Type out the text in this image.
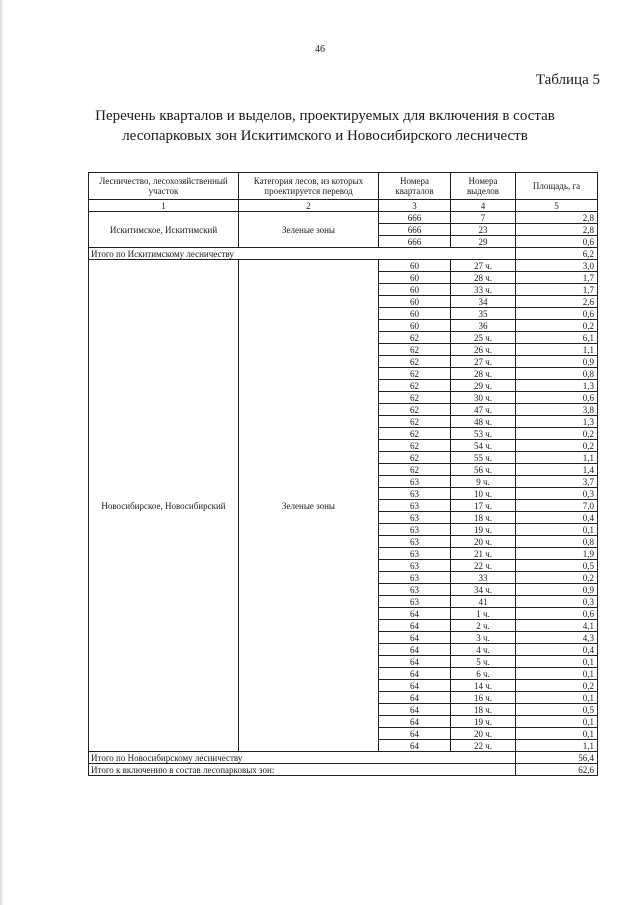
46
Таблица 5
Перечень кварталов и выделов, проектируемых для включения в состав
лесопарковых зон Искитимского и Новосибирского лесничеств
Лесничество, лесохозяйственный участок	Категория лесов, из которых проектируется перевод	Номера кварталов	Номера выделов	Площадь, га
1	2	3	4	5
Искитимское, Искитимский	Зеленые зоны	666	7	2,8
		666	23	2,8
		666	29	0,6
Итого по Искитимскому лесничеству				6,2
Новосибирское, Новосибирский	Зеленые зоны	60	27 ч.	3,0
		60	28 ч.	1,7
		60	33 ч.	1,7
		60	34	2,6
		60	35	0,6
		60	36	0,2
		62	25 ч.	6,1
		62	26 ч.	1,1
		62	27 ч.	0,9
		62	28 ч.	0,8
		62	29 ч.	1,3
		62	30 ч.	0,6
		62	47 ч.	3,8
		62	48 ч.	1,3
		62	53 ч.	0,2
		62	54 ч.	0,2
		62	55 ч.	1,1
		62	56 ч.	1,4
		63	9 ч.	3,7
		63	10 ч.	0,3
		63	17 ч.	7,0
		63	18 ч.	0,4
		63	19 ч.	0,1
		63	20 ч.	0,8
		63	21 ч.	1,9
		63	22 ч.	0,5
		63	33	0,2
		63	34 ч.	0,9
		63	41	0,3
		64	1 ч.	0,6
		64	2 ч.	4,1
		64	3 ч.	4,3
		64	4 ч.	0,4
		64	5 ч.	0,1
		64	6 ч.	0,1
		64	14 ч.	0,2
		64	16 ч.	0,1
		64	18 ч.	0,5
		64	19 ч.	0,1
		64	20 ч.	0,1
		64	22 ч.	1,1
Итого по Новосибирскому лесничеству				56,4
Итого к включению в состав лесопарковых зон:				62,6
